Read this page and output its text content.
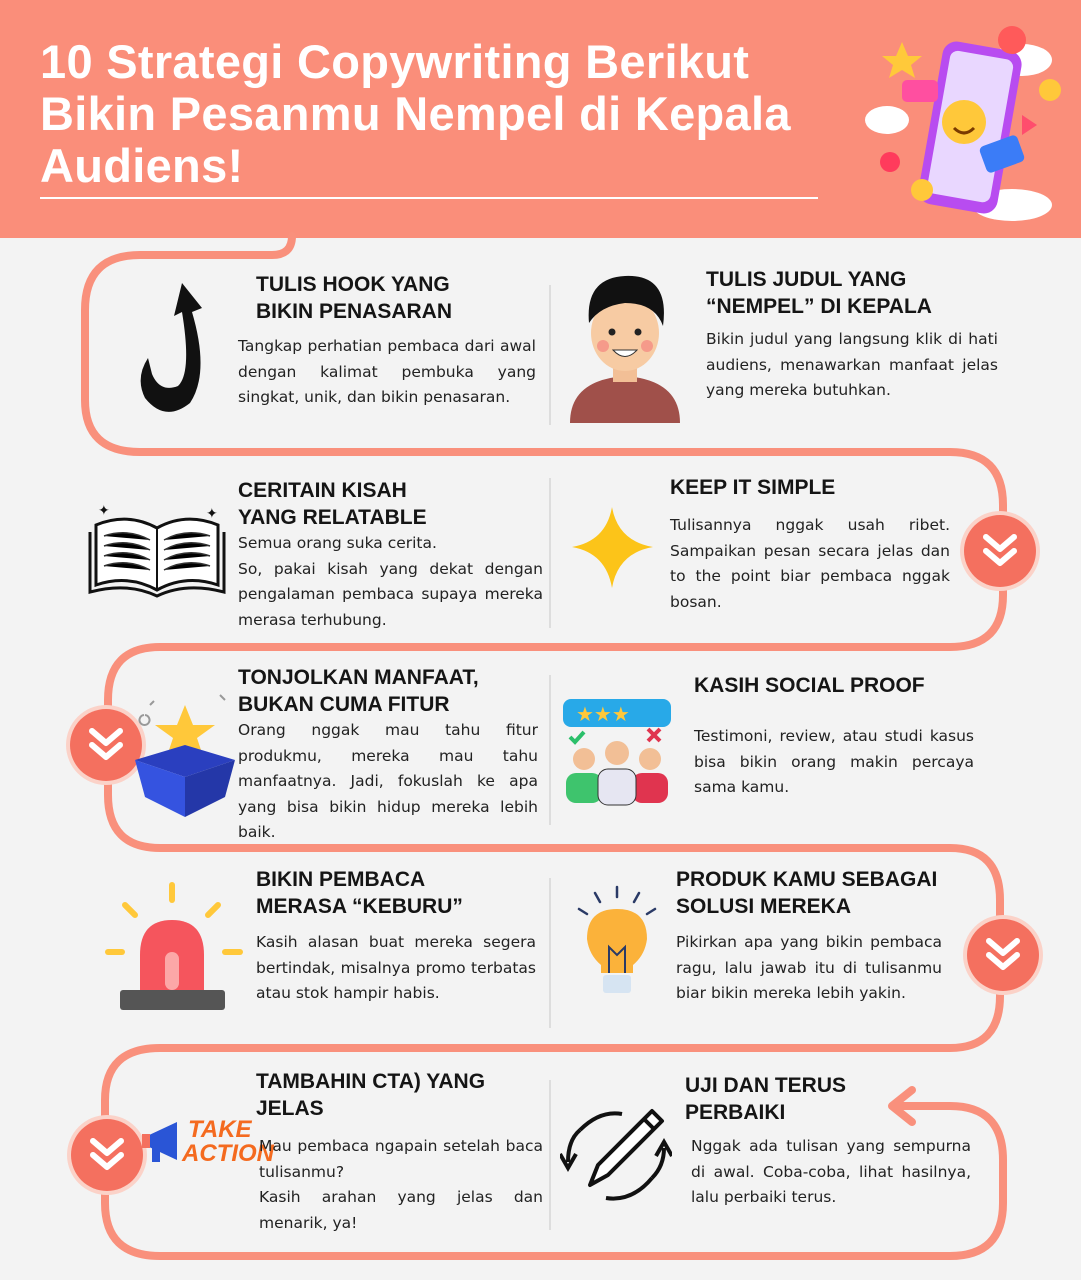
10 Strategi Copywriting Berikut Bikin Pesanmu Nempel di Kepala Audiens!
✦	✦
★★★
TAKE
ACTION
TULIS HOOK YANG BIKIN PENASARAN

Tangkap perhatian pembaca dari awal dengan kalimat pembuka yang singkat, unik, dan bikin penasaran.

TULIS JUDUL YANG “NEMPEL” DI KEPALA

Bikin judul yang langsung klik di hati audiens, menawarkan manfaat jelas yang mereka butuhkan.

CERITAIN KISAH YANG RELATABLE

Semua orang suka cerita.

So, pakai kisah yang dekat dengan pengalaman pembaca supaya mereka merasa terhubung.

KEEP IT SIMPLE

Tulisannya nggak usah ribet. Sampaikan pesan secara jelas dan to the point biar pembaca nggak bosan.

TONJOLKAN MANFAAT, BUKAN CUMA FITUR

Orang nggak mau tahu fitur produkmu, mereka mau tahu manfaatnya. Jadi, fokuslah ke apa yang bisa bikin hidup mereka lebih baik.

KASIH SOCIAL PROOF

Testimoni, review, atau studi kasus bisa bikin orang makin percaya sama kamu.

BIKIN PEMBACA MERASA “KEBURU”

Kasih alasan buat mereka segera bertindak, misalnya promo terbatas atau stok hampir habis.

PRODUK KAMU SEBAGAI SOLUSI MEREKA

Pikirkan apa yang bikin pembaca ragu, lalu jawab itu di tulisanmu biar bikin mereka lebih yakin.

TAMBAHIN CTA) YANG JELAS

Mau pembaca ngapain setelah baca tulisanmu?

Kasih arahan yang jelas dan menarik, ya!

UJI DAN TERUS PERBAIKI

Nggak ada tulisan yang sempurna di awal. Coba-coba, lihat hasilnya, lalu perbaiki terus.
